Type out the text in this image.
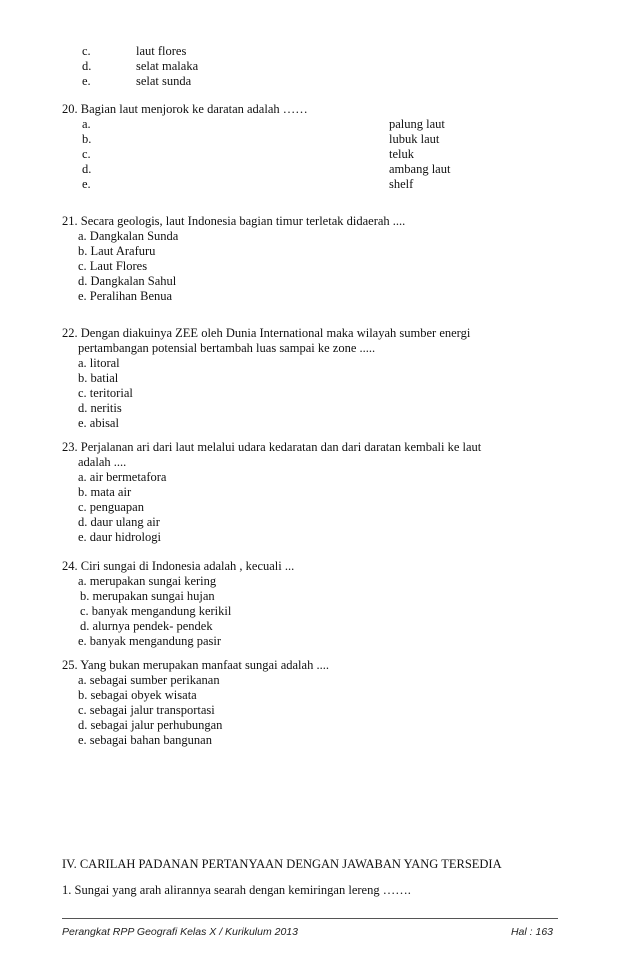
c.	laut flores
d.	selat malaka
e.	selat sunda
20. Bagian laut menjorok ke daratan adalah ……
a.	palung laut
b.	lubuk laut
c.	teluk
d.	ambang laut
e.	shelf
21. Secara geologis, laut Indonesia bagian timur terletak didaerah ....
a. Dangkalan Sunda
b. Laut Arafuru
c. Laut Flores
d. Dangkalan Sahul
e. Peralihan Benua
22. Dengan diakuinya ZEE oleh Dunia International maka wilayah sumber energi
pertambangan potensial bertambah luas sampai ke zone .....
a. litoral
b. batial
c. teritorial
d. neritis
e. abisal
23. Perjalanan ari dari laut melalui udara kedaratan dan dari daratan kembali ke laut
adalah ....
a. air bermetafora
b. mata air
c. penguapan
d. daur ulang air
e. daur hidrologi
24. Ciri sungai di Indonesia adalah , kecuali ...
a. merupakan sungai kering
b. merupakan sungai hujan
c. banyak mengandung kerikil
d. alurnya pendek- pendek
e. banyak mengandung pasir
25. Yang bukan merupakan manfaat sungai adalah ....
a. sebagai sumber perikanan
b. sebagai obyek wisata
c. sebagai jalur transportasi
d. sebagai jalur perhubungan
e. sebagai bahan bangunan
IV. CARILAH PADANAN PERTANYAAN DENGAN JAWABAN YANG TERSEDIA
1. Sungai yang arah alirannya searah dengan kemiringan lereng …….
Perangkat RPP Geografi Kelas X / Kurikulum 2013	Hal : 163
